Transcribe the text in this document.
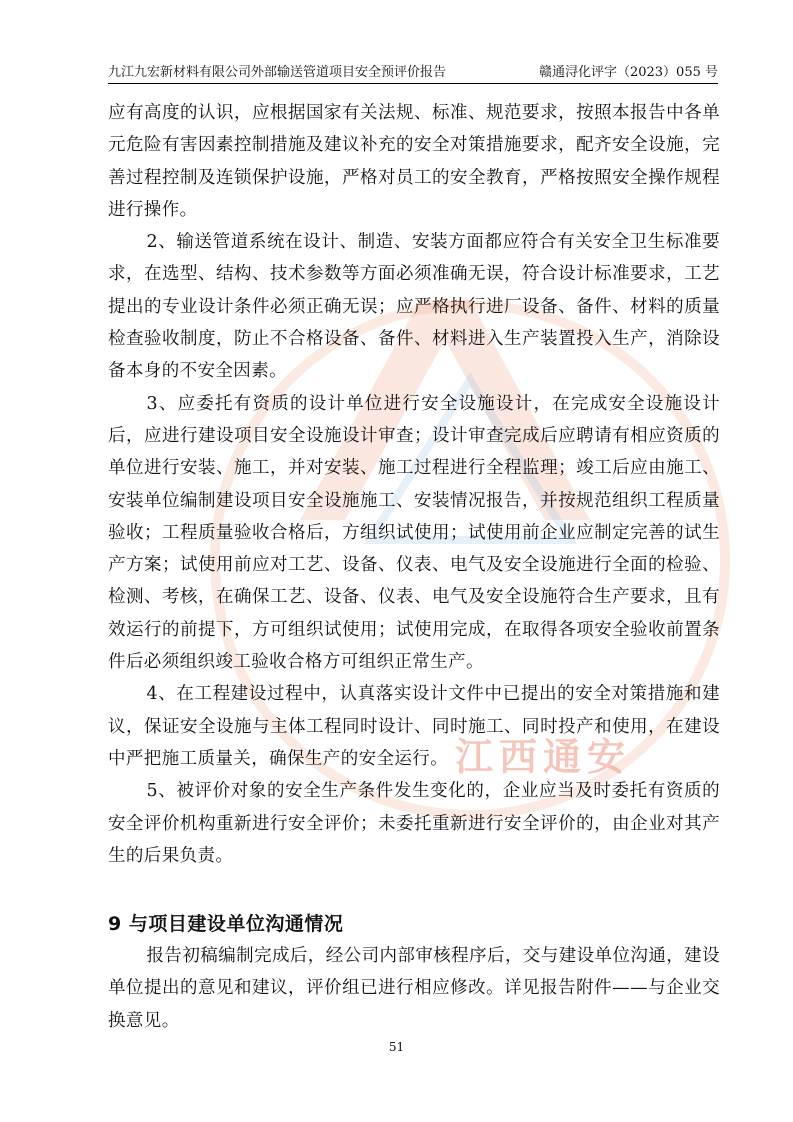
江西通安
九江九宏新材料有限公司外部输送管道项目安全预评价报告	赣通浔化评字（2023）055 号

应有高度的认识，应根据国家有关法规、标准、规范要求，按照本报告中各单元危险有害因素控制措施及建议补充的安全对策措施要求，配齐安全设施，完善过程控制及连锁保护设施，严格对员工的安全教育，严格按照安全操作规程进行操作。

2、输送管道系统在设计、制造、安装方面都应符合有关安全卫生标准要求，在选型、结构、技术参数等方面必须准确无误，符合设计标准要求，工艺提出的专业设计条件必须正确无误；应严格执行进厂设备、备件、材料的质量检查验收制度，防止不合格设备、备件、材料进入生产装置投入生产，消除设备本身的不安全因素。

3、应委托有资质的设计单位进行安全设施设计，在完成安全设施设计后，应进行建设项目安全设施设计审查；设计审查完成后应聘请有相应资质的单位进行安装、施工，并对安装、施工过程进行全程监理；竣工后应由施工、安装单位编制建设项目安全设施施工、安装情况报告，并按规范组织工程质量验收；工程质量验收合格后，方组织试使用；试使用前企业应制定完善的试生产方案；试使用前应对工艺、设备、仪表、电气及安全设施进行全面的检验、检测、考核，在确保工艺、设备、仪表、电气及安全设施符合生产要求，且有效运行的前提下，方可组织试使用；试使用完成，在取得各项安全验收前置条件后必须组织竣工验收合格方可组织正常生产。

4、在工程建设过程中，认真落实设计文件中已提出的安全对策措施和建议，保证安全设施与主体工程同时设计、同时施工、同时投产和使用，在建设中严把施工质量关，确保生产的安全运行。

5、被评价对象的安全生产条件发生变化的，企业应当及时委托有资质的安全评价机构重新进行安全评价；未委托重新进行安全评价的，由企业对其产生的后果负责。

9 与项目建设单位沟通情况

报告初稿编制完成后，经公司内部审核程序后，交与建设单位沟通，建设单位提出的意见和建议，评价组已进行相应修改。详见报告附件——与企业交换意见。

51
